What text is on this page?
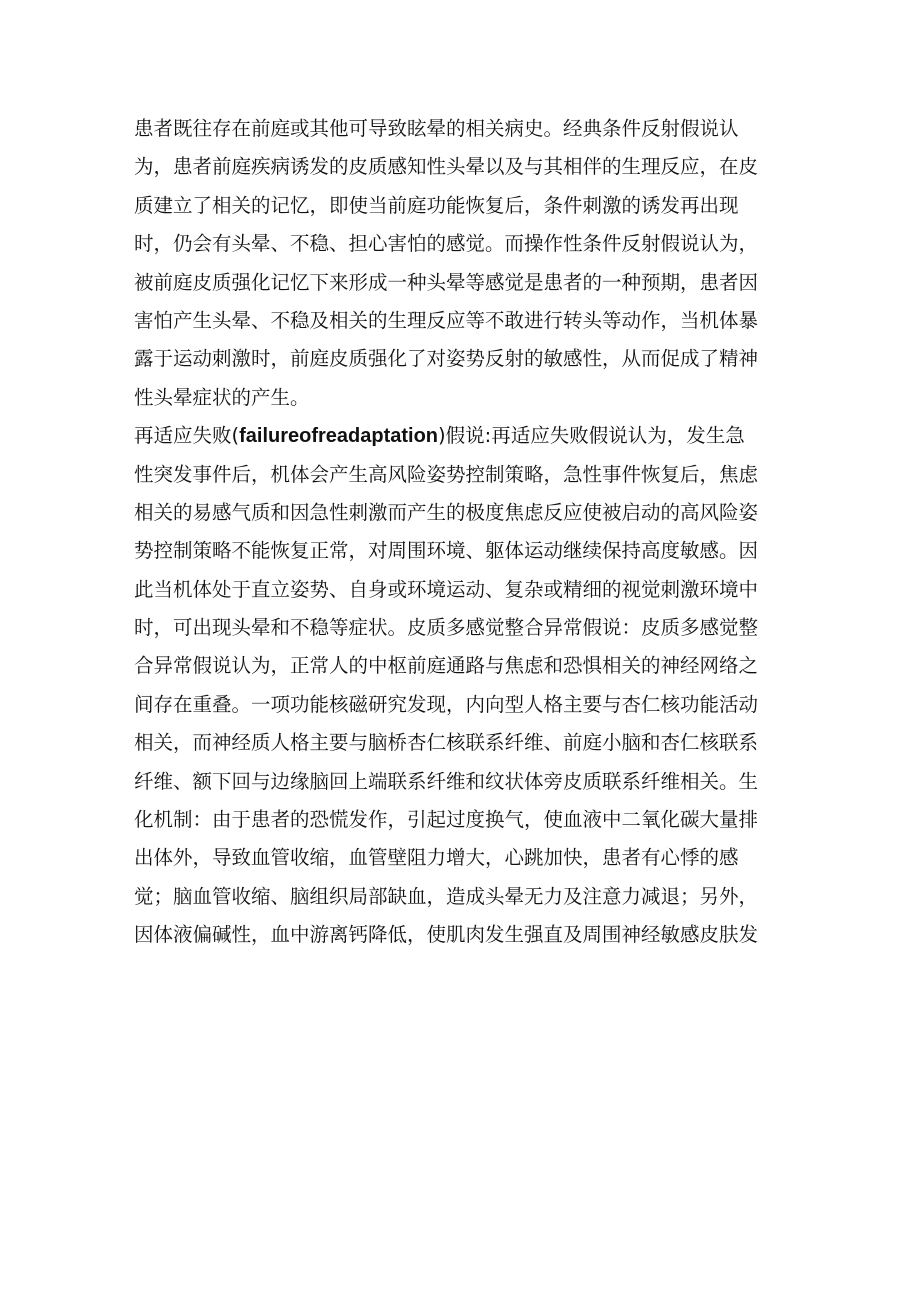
患者既往存在前庭或其他可导致眩晕的相关病史。经典条件反射假说认
为，患者前庭疾病诱发的皮质感知性头晕以及与其相伴的生理反应，在皮
质建立了相关的记忆，即使当前庭功能恢复后，条件刺激的诱发再出现
时，仍会有头晕、不稳、担心害怕的感觉。而操作性条件反射假说认为，
被前庭皮质强化记忆下来形成一种头晕等感觉是患者的一种预期，患者因
害怕产生头晕、不稳及相关的生理反应等不敢进行转头等动作，当机体暴
露于运动刺激时，前庭皮质强化了对姿势反射的敏感性，从而促成了精神
性头晕症状的产生。
再适应失败(failureofreadaptation)假说:再适应失败假说认为，发生急
性突发事件后，机体会产生高风险姿势控制策略，急性事件恢复后，焦虑
相关的易感气质和因急性刺激而产生的极度焦虑反应使被启动的高风险姿
势控制策略不能恢复正常，对周围环境、躯体运动继续保持高度敏感。因
此当机体处于直立姿势、自身或环境运动、复杂或精细的视觉刺激环境中
时，可出现头晕和不稳等症状。皮质多感觉整合异常假说：皮质多感觉整
合异常假说认为，正常人的中枢前庭通路与焦虑和恐惧相关的神经网络之
间存在重叠。一项功能核磁研究发现，内向型人格主要与杏仁核功能活动
相关，而神经质人格主要与脑桥杏仁核联系纤维、前庭小脑和杏仁核联系
纤维、额下回与边缘脑回上端联系纤维和纹状体旁皮质联系纤维相关。生
化机制：由于患者的恐慌发作，引起过度换气，使血液中二氧化碳大量排
出体外，导致血管收缩，血管壁阻力增大，心跳加快，患者有心悸的感
觉；脑血管收缩、脑组织局部缺血，造成头晕无力及注意力减退；另外，
因体液偏碱性，血中游离钙降低，使肌肉发生强直及周围神经敏感皮肤发
